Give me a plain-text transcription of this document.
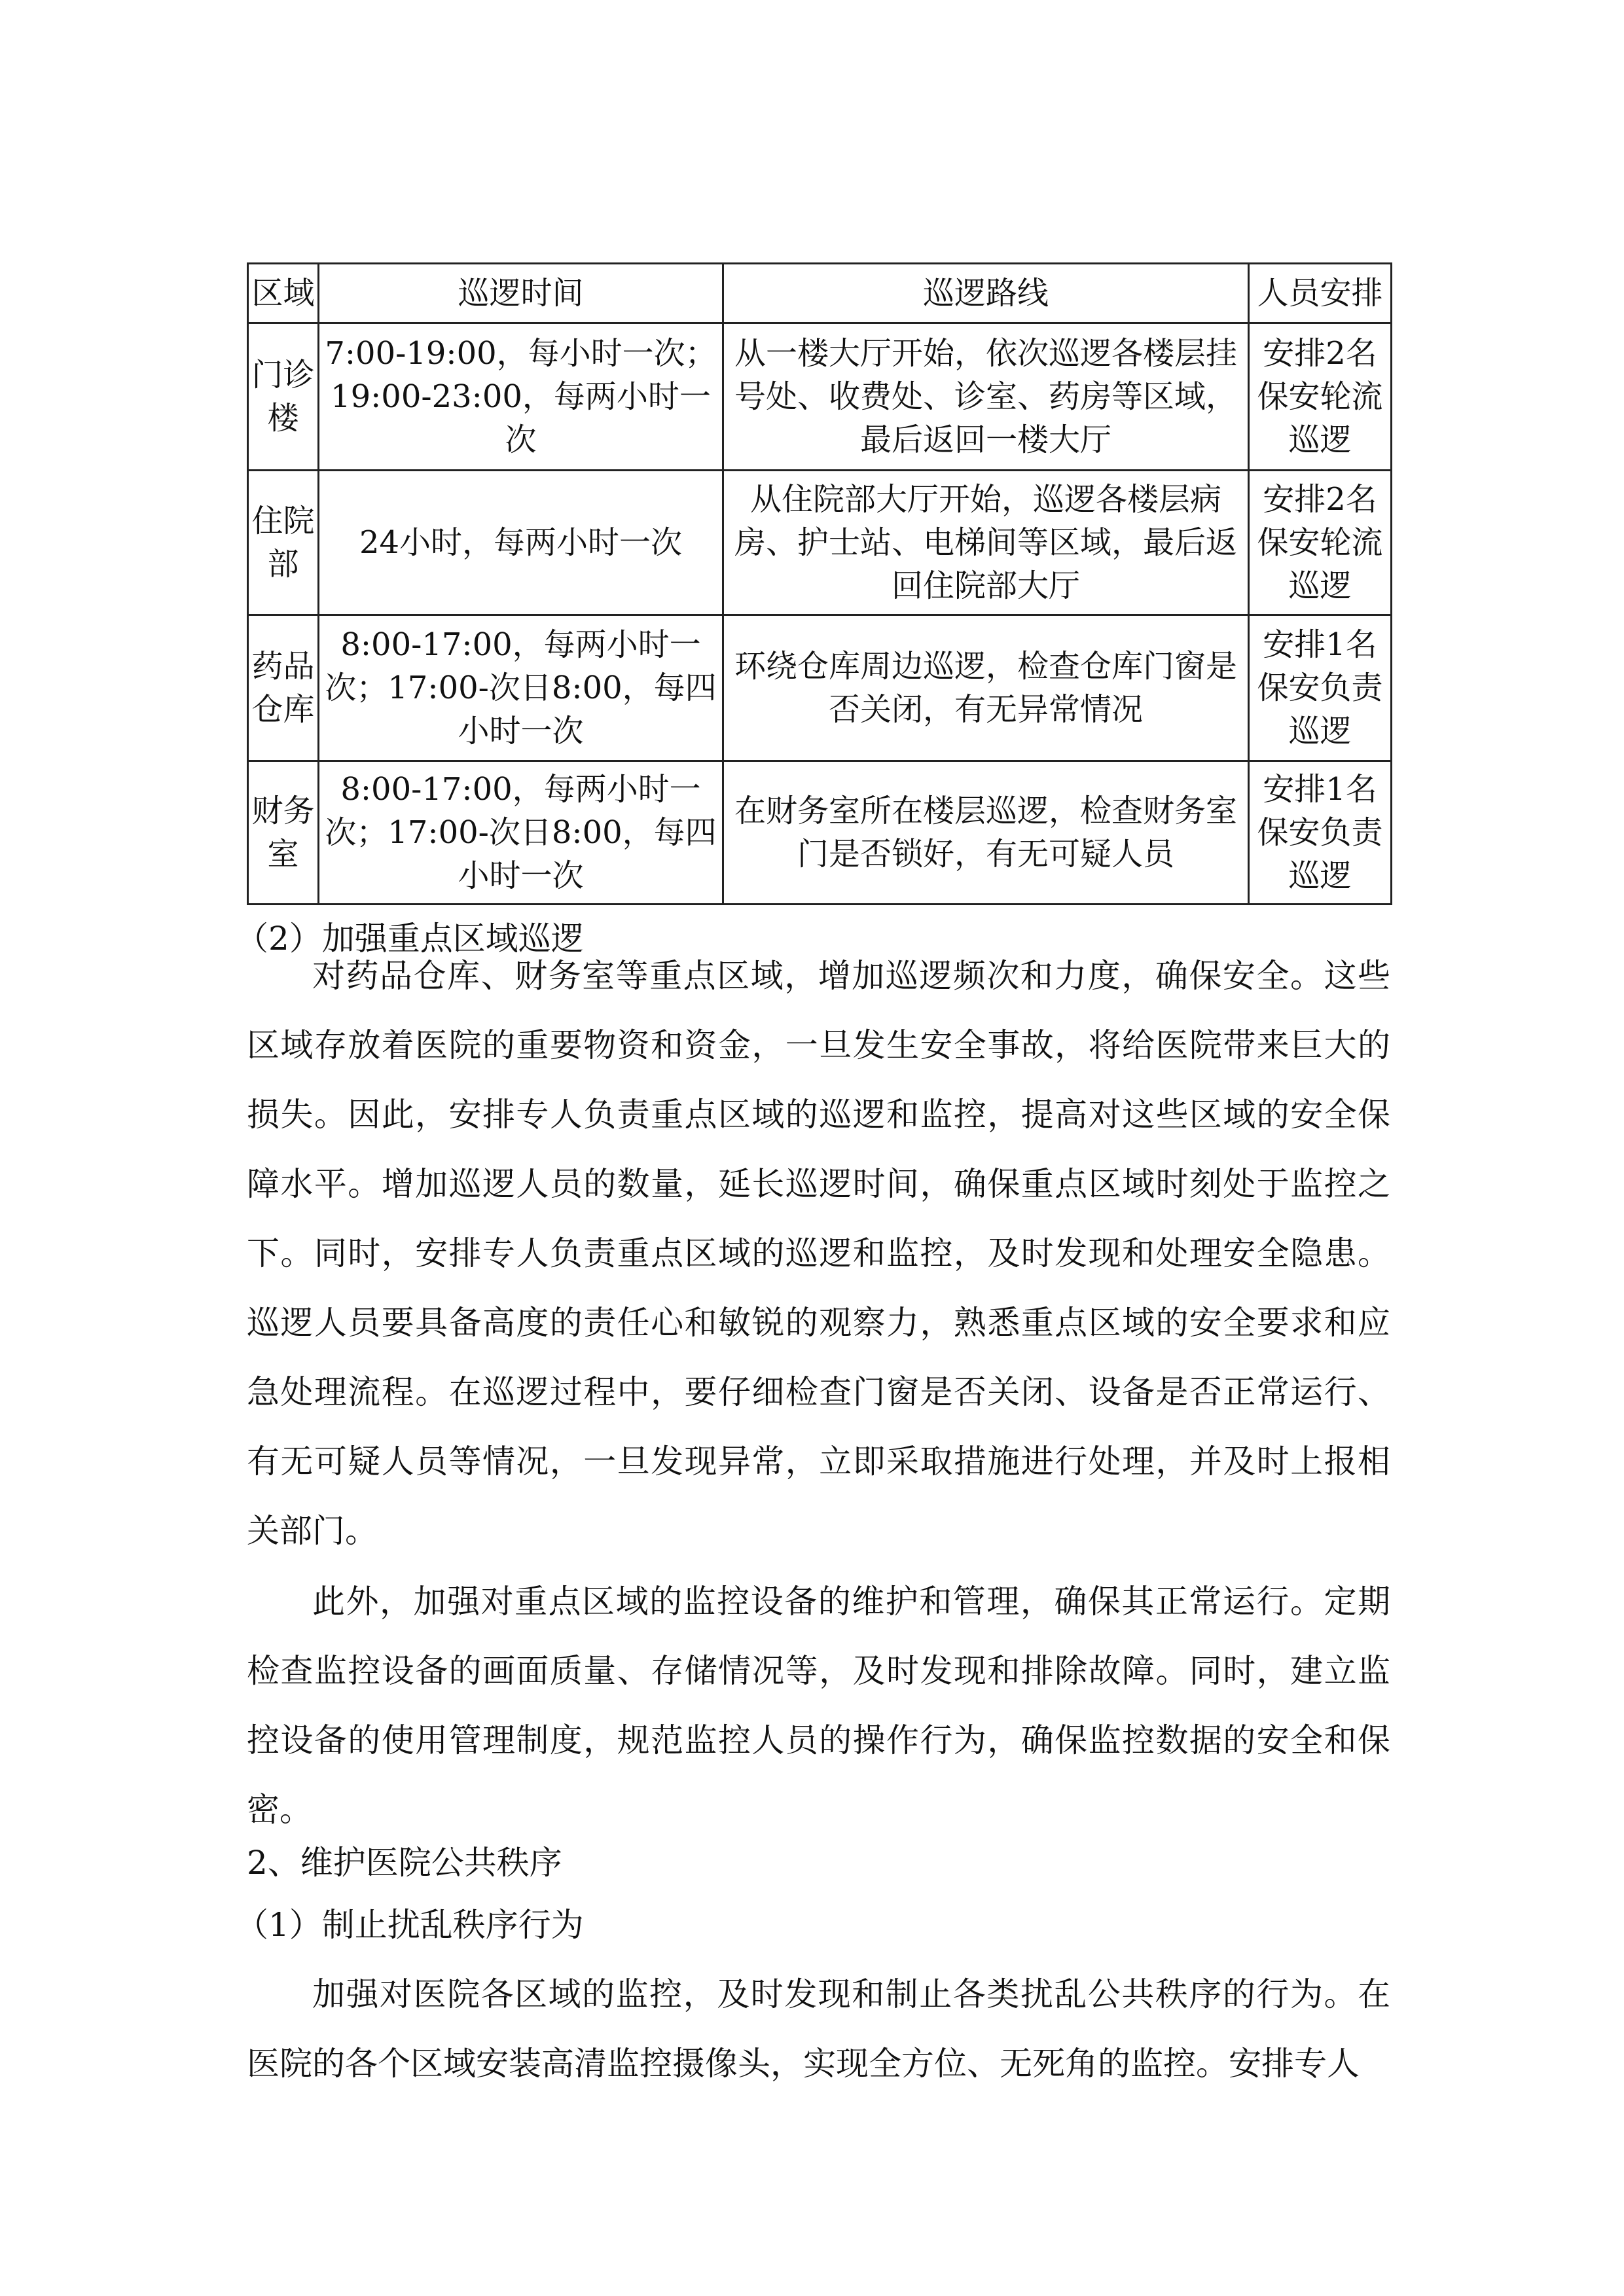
区域	巡逻时间	巡逻路线	人员安排
门诊楼	7:00-19:00，每小时一次；19:00-23:00，每两小时一次	从一楼大厅开始，依次巡逻各楼层挂号处、收费处、诊室、药房等区域，最后返回一楼大厅	安排2名保安轮流巡逻
住院部	24小时，每两小时一次	从住院部大厅开始，巡逻各楼层病房、护士站、电梯间等区域，最后返回住院部大厅	安排2名保安轮流巡逻
药品仓库	8:00-17:00，每两小时一次；17:00-次日8:00，每四小时一次	环绕仓库周边巡逻，检查仓库门窗是否关闭，有无异常情况	安排1名保安负责巡逻
财务室	8:00-17:00，每两小时一次；17:00-次日8:00，每四小时一次	在财务室所在楼层巡逻，检查财务室门是否锁好，有无可疑人员	安排1名保安负责巡逻
（2）加强重点区域巡逻
对药品仓库、财务室等重点区域，增加巡逻频次和力度，确保安全。这些区域存放着医院的重要物资和资金，一旦发生安全事故，将给医院带来巨大的损失。因此，安排专人负责重点区域的巡逻和监控，提高对这些区域的安全保障水平。增加巡逻人员的数量，延长巡逻时间，确保重点区域时刻处于监控之下。同时，安排专人负责重点区域的巡逻和监控，及时发现和处理安全隐患。巡逻人员要具备高度的责任心和敏锐的观察力，熟悉重点区域的安全要求和应急处理流程。在巡逻过程中，要仔细检查门窗是否关闭、设备是否正常运行、有无可疑人员等情况，一旦发现异常，立即采取措施进行处理，并及时上报相关部门。
此外，加强对重点区域的监控设备的维护和管理，确保其正常运行。定期检查监控设备的画面质量、存储情况等，及时发现和排除故障。同时，建立监控设备的使用管理制度，规范监控人员的操作行为，确保监控数据的安全和保密。
2、维护医院公共秩序
（1）制止扰乱秩序行为
加强对医院各区域的监控，及时发现和制止各类扰乱公共秩序的行为。在医院的各个区域安装高清监控摄像头，实现全方位、无死角的监控。安排专人
